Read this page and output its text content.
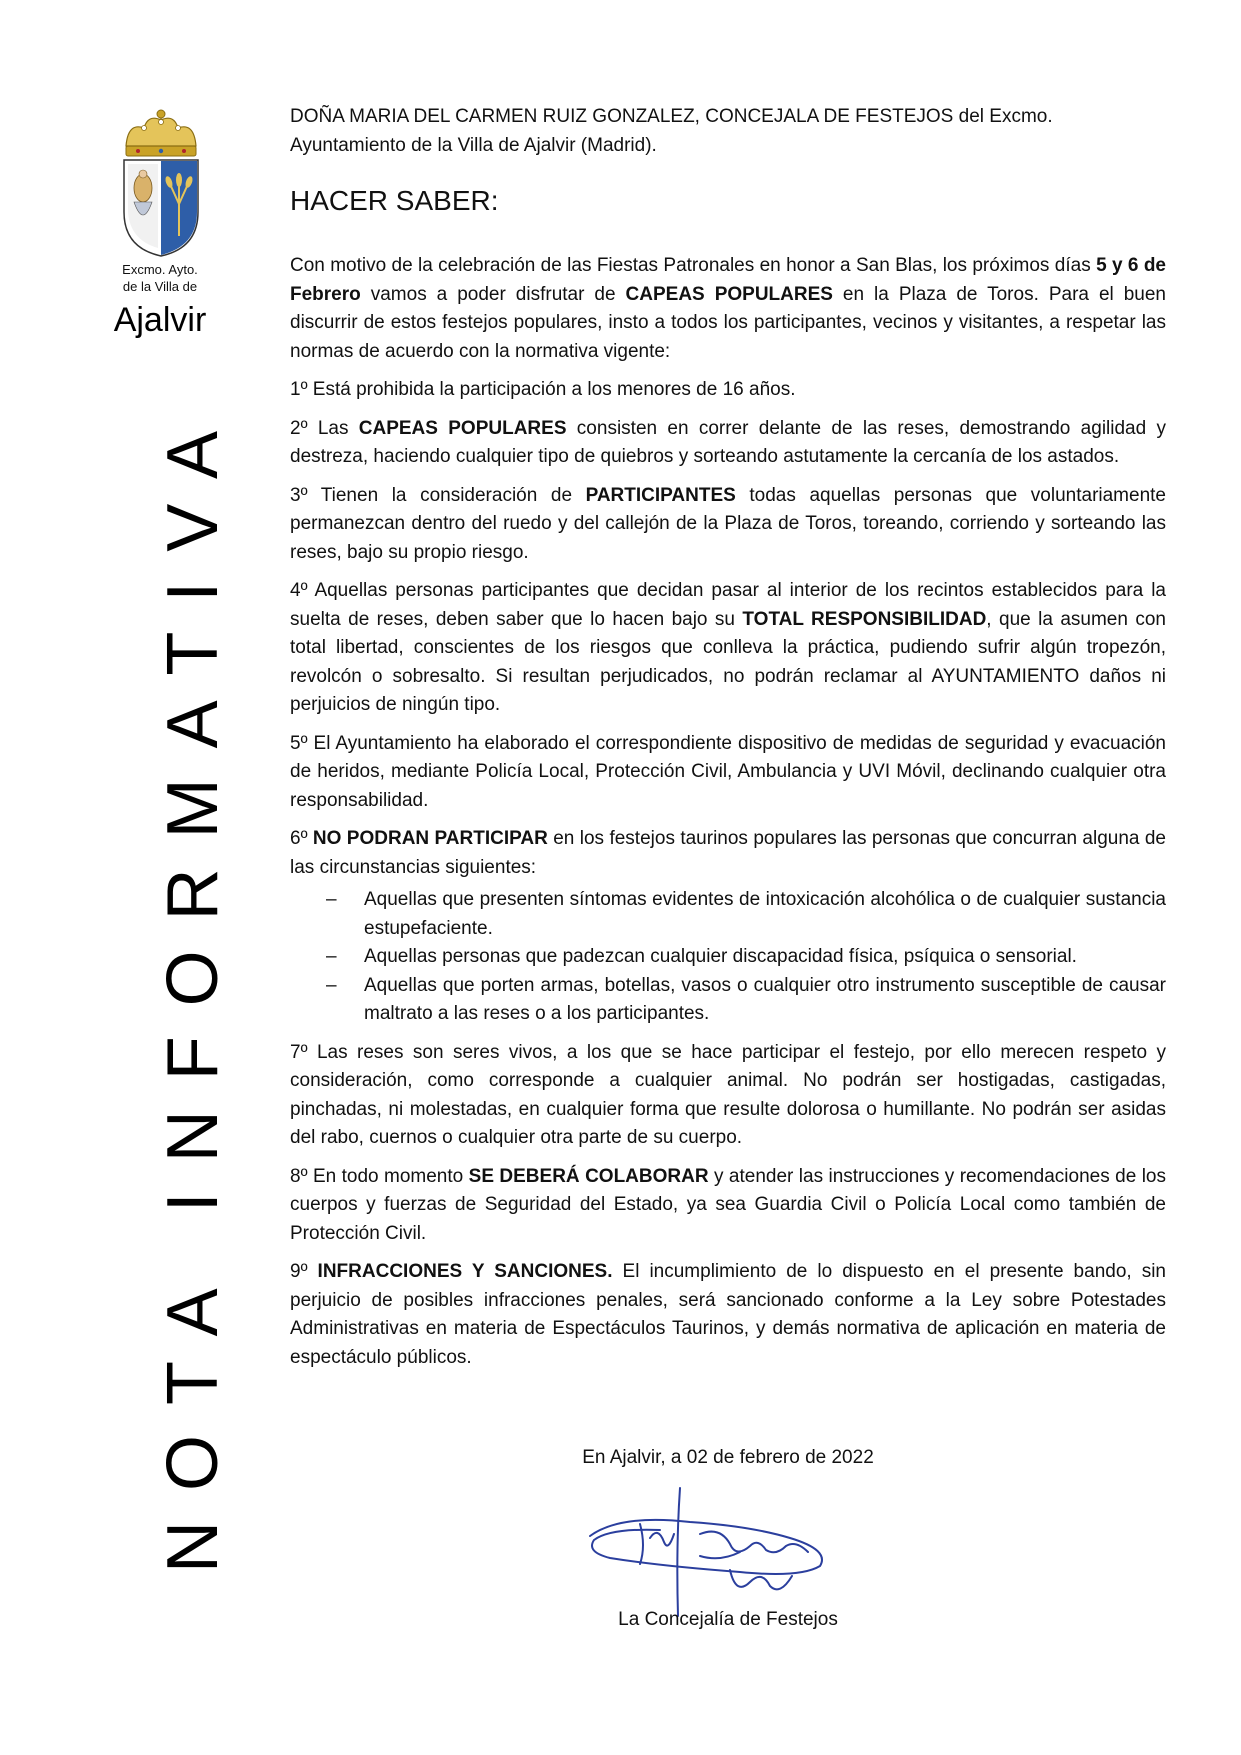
Excmo. Ayto.
de la Villa de
Ajalvir
NOTA INFORMATIVA

DOÑA MARIA DEL CARMEN RUIZ GONZALEZ, CONCEJALA DE FESTEJOS del Excmo. Ayuntamiento de la Villa de Ajalvir (Madrid).

HACER SABER:

Con motivo de la celebración de las Fiestas Patronales en honor a San Blas, los próximos días 5 y 6 de Febrero vamos a poder disfrutar de CAPEAS POPULARES en la Plaza de Toros. Para el buen discurrir de estos festejos populares, insto a todos los participantes, vecinos y visitantes, a respetar las normas de acuerdo con la normativa vigente:

1º Está prohibida la participación a los menores de 16 años.

2º Las CAPEAS POPULARES consisten en correr delante de las reses, demostrando agilidad y destreza, haciendo cualquier tipo de quiebros y sorteando astutamente la cercanía de los astados.

3º Tienen la consideración de PARTICIPANTES todas aquellas personas que voluntariamente permanezcan dentro del ruedo y del callejón de la Plaza de Toros, toreando, corriendo y sorteando las reses, bajo su propio riesgo.

4º Aquellas personas participantes que decidan pasar al interior de los recintos establecidos para la suelta de reses, deben saber que lo hacen bajo su TOTAL RESPONSIBILIDAD, que la asumen con total libertad, conscientes de los riesgos que conlleva la práctica, pudiendo sufrir algún tropezón, revolcón o sobresalto. Si resultan perjudicados, no podrán reclamar al AYUNTAMIENTO daños ni perjuicios de ningún tipo.

5º El Ayuntamiento ha elaborado el correspondiente dispositivo de medidas de seguridad y evacuación de heridos, mediante Policía Local, Protección Civil, Ambulancia y UVI Móvil, declinando cualquier otra responsabilidad.

6º NO PODRAN PARTICIPAR en los festejos taurinos populares las personas que concurran alguna de las circunstancias siguientes:

– Aquellas que presenten síntomas evidentes de intoxicación alcohólica o de cualquier sustancia estupefaciente.
– Aquellas personas que padezcan cualquier discapacidad física, psíquica o sensorial.
– Aquellas que porten armas, botellas, vasos o cualquier otro instrumento susceptible de causar maltrato a las reses o a los participantes.

7º Las reses son seres vivos, a los que se hace participar el festejo, por ello merecen respeto y consideración, como corresponde a cualquier animal. No podrán ser hostigadas, castigadas, pinchadas, ni molestadas, en cualquier forma que resulte dolorosa o humillante. No podrán ser asidas del rabo, cuernos o cualquier otra parte de su cuerpo.

8º En todo momento SE DEBERÁ COLABORAR y atender las instrucciones y recomendaciones de los cuerpos y fuerzas de Seguridad del Estado, ya sea Guardia Civil o Policía Local como también de Protección Civil.

9º INFRACCIONES Y SANCIONES. El incumplimiento de lo dispuesto en el presente bando, sin perjuicio de posibles infracciones penales, será sancionado conforme a la Ley sobre Potestades Administrativas en materia de Espectáculos Taurinos, y demás normativa de aplicación en materia de espectáculo públicos.

En Ajalvir, a 02 de febrero de 2022
La Concejalía de Festejos
